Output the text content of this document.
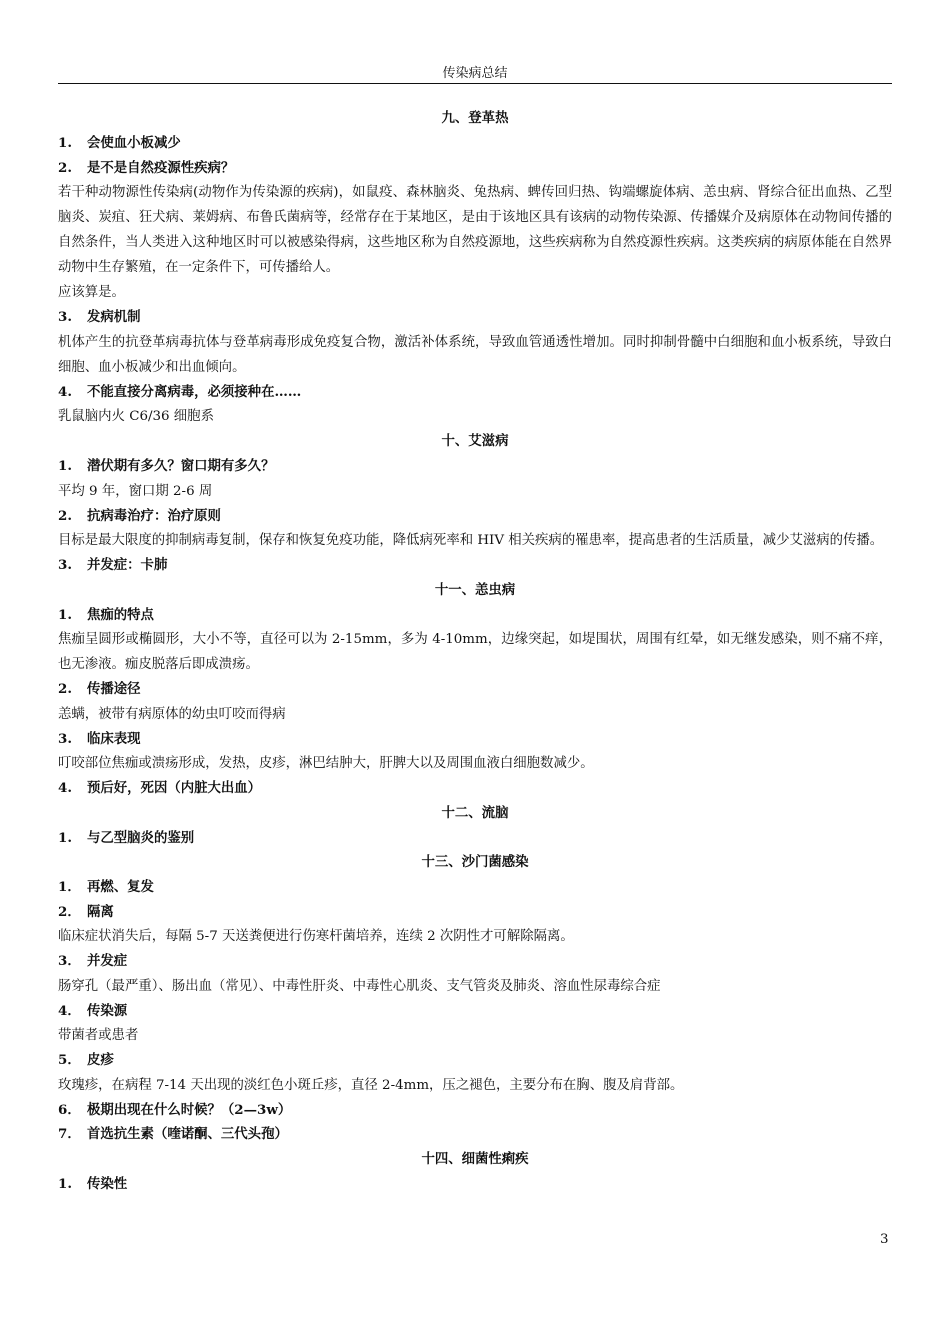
传染病总结
九、登革热
1. 会使血小板减少
2. 是不是自然疫源性疾病？
若干种动物源性传染病(动物作为传染源的疾病)，如鼠疫、森林脑炎、兔热病、蜱传回归热、钩端螺旋体病、恙虫病、肾综合征出血热、乙型脑炎、炭疽、狂犬病、莱姆病、布鲁氏菌病等，经常存在于某地区，是由于该地区具有该病的动物传染源、传播媒介及病原体在动物间传播的自然条件，当人类进入这种地区时可以被感染得病，这些地区称为自然疫源地，这些疾病称为自然疫源性疾病。这类疾病的病原体能在自然界动物中生存繁殖，在一定条件下，可传播给人。
应该算是。
3. 发病机制
机体产生的抗登革病毒抗体与登革病毒形成免疫复合物，激活补体系统，导致血管通透性增加。同时抑制骨髓中白细胞和血小板系统，导致白细胞、血小板减少和出血倾向。
4. 不能直接分离病毒，必须接种在……
乳鼠脑内火 C6/36 细胞系
十、艾滋病
1. 潜伏期有多久？窗口期有多久？
平均 9 年，窗口期 2-6 周
2. 抗病毒治疗：治疗原则
目标是最大限度的抑制病毒复制，保存和恢复免疫功能，降低病死率和 HIV 相关疾病的罹患率，提高患者的生活质量，减少艾滋病的传播。
3. 并发症：卡肺
十一、恙虫病
1. 焦痂的特点
焦痂呈圆形或椭圆形，大小不等，直径可以为 2-15mm，多为 4-10mm，边缘突起，如堤围状，周围有红晕，如无继发感染，则不痛不痒，也无渗液。痂皮脱落后即成溃疡。
2. 传播途径
恙螨，被带有病原体的幼虫叮咬而得病
3. 临床表现
叮咬部位焦痂或溃疡形成，发热，皮疹，淋巴结肿大，肝脾大以及周围血液白细胞数减少。
4. 预后好，死因（内脏大出血）
十二、流脑
1. 与乙型脑炎的鉴别
十三、沙门菌感染
1． 再燃、复发
2． 隔离
临床症状消失后，每隔 5-7 天送粪便进行伤寒杆菌培养，连续 2 次阴性才可解除隔离。
3． 并发症
肠穿孔（最严重）、肠出血（常见）、中毒性肝炎、中毒性心肌炎、支气管炎及肺炎、溶血性尿毒综合症
4． 传染源
带菌者或患者
5． 皮疹
玫瑰疹，在病程 7-14 天出现的淡红色小斑丘疹，直径 2-4mm，压之褪色，主要分布在胸、腹及肩背部。
6． 极期出现在什么时候？（2—3w）
7． 首选抗生素（喹诺酮、三代头孢）
十四、细菌性痢疾
1. 传染性
3
